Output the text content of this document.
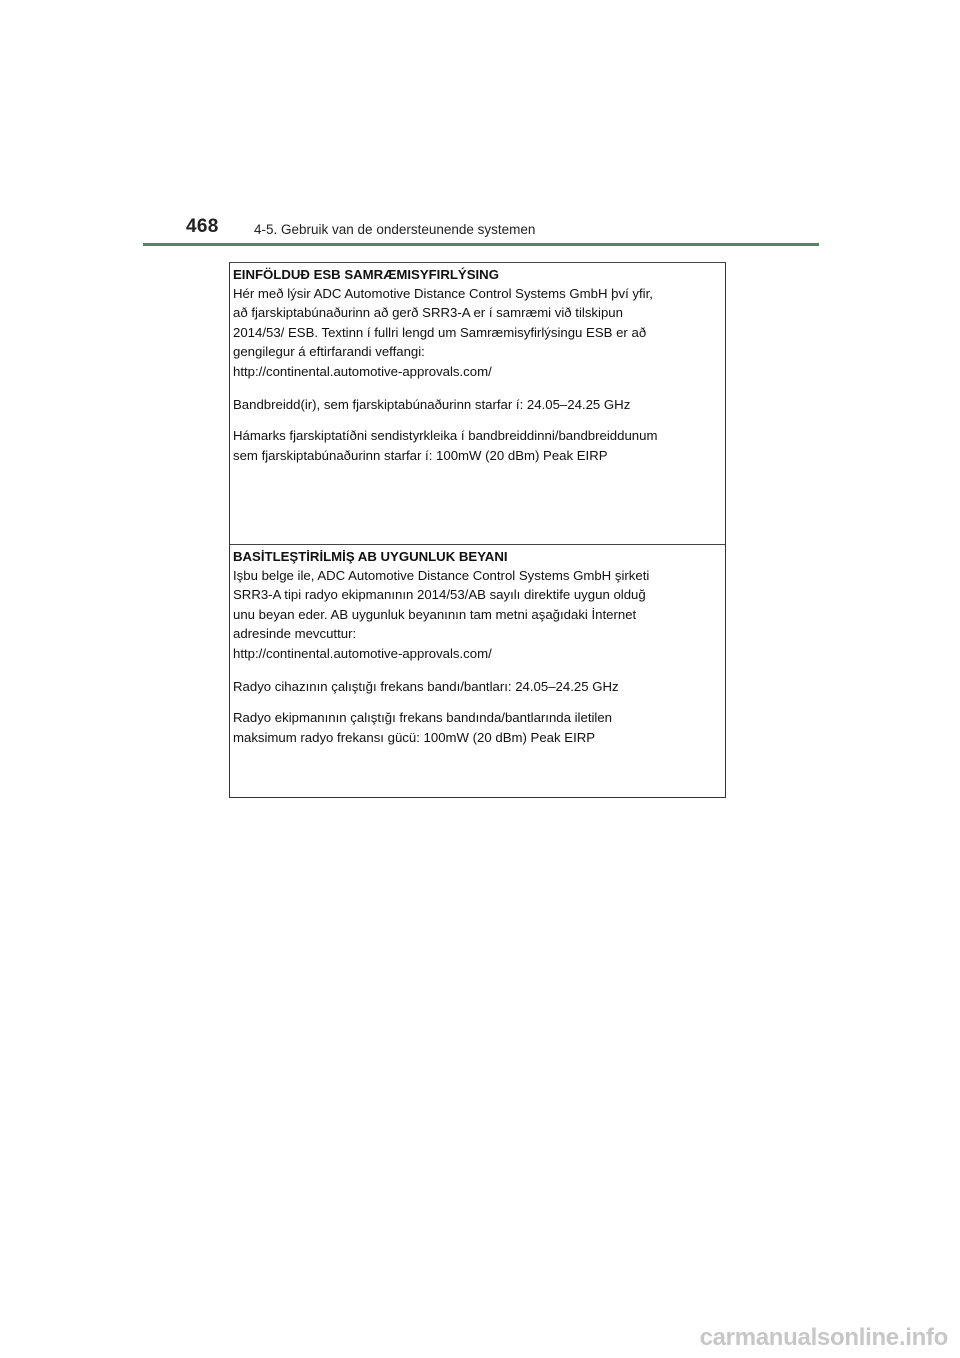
468	4-5. Gebruik van de ondersteunende systemen

EINFÖLDUÐ ESB SAMRÆMISYFIRLÝSING

Hér með lýsir ADC Automotive Distance Control Systems GmbH því yfir,

að fjarskiptabúnaðurinn að gerð SRR3-A er í samræmi við tilskipun

2014/53/ ESB. Textinn í fullri lengd um Samræmisyfirlýsingu ESB er að

gengilegur á eftirfarandi veffangi:

http://continental.automotive-approvals.com/

Bandbreidd(ir), sem fjarskiptabúnaðurinn starfar í: 24.05–24.25 GHz

Hámarks fjarskiptatíðni sendistyrkleika í bandbreiddinni/bandbreiddunum

sem fjarskiptabúnaðurinn starfar í: 100mW (20 dBm) Peak EIRP

BASİTLEŞTİRİLMİŞ AB UYGUNLUK BEYANI

Işbu belge ile, ADC Automotive Distance Control Systems GmbH şirketi

SRR3-A tipi radyo ekipmanının 2014/53/AB sayılı direktife uygun olduğ

unu beyan eder. AB uygunluk beyanının tam metni aşağıdaki İnternet

adresinde mevcuttur:

http://continental.automotive-approvals.com/

Radyo cihazının çalıştığı frekans bandı/bantları: 24.05–24.25 GHz

Radyo ekipmanının çalıştığı frekans bandında/bantlarında iletilen

maksimum radyo frekansı gücü: 100mW (20 dBm) Peak EIRP

carmanualsonline.info
